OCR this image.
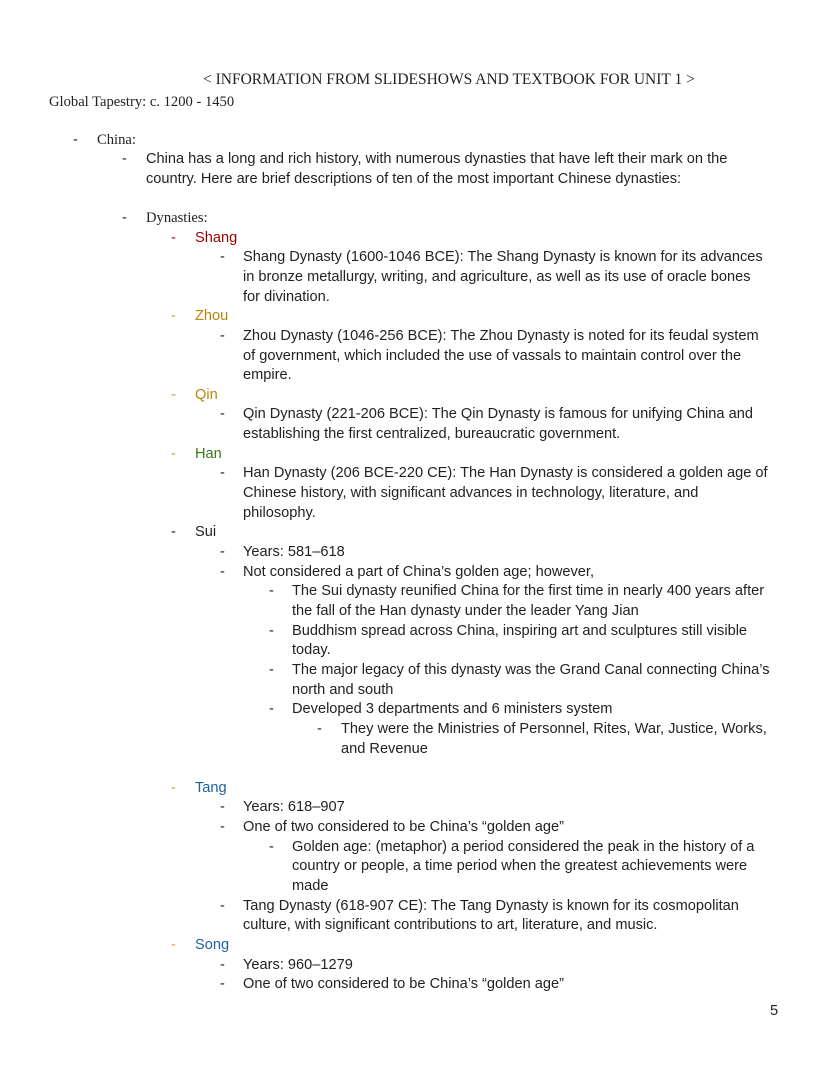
< INFORMATION FROM SLIDESHOWS AND TEXTBOOK FOR UNIT 1 >
Global Tapestry: c. 1200 - 1450
- China:
- China has a long and rich history, with numerous dynasties that have left their mark on the
country. Here are brief descriptions of ten of the most important Chinese dynasties:
- Dynasties:
- Shang
- Shang Dynasty (1600-1046 BCE): The Shang Dynasty is known for its advances
in bronze metallurgy, writing, and agriculture, as well as its use of oracle bones
for divination.
- Zhou
- Zhou Dynasty (1046-256 BCE): The Zhou Dynasty is noted for its feudal system
of government, which included the use of vassals to maintain control over the
empire.
- Qin
- Qin Dynasty (221-206 BCE): The Qin Dynasty is famous for unifying China and
establishing the first centralized, bureaucratic government.
- Han
- Han Dynasty (206 BCE-220 CE): The Han Dynasty is considered a golden age of
Chinese history, with significant advances in technology, literature, and
philosophy.
- Sui
- Years: 581–618
- Not considered a part of China’s golden age; however,
- The Sui dynasty reunified China for the first time in nearly 400 years after
the fall of the Han dynasty under the leader Yang Jian
- Buddhism spread across China, inspiring art and sculptures still visible
today.
- The major legacy of this dynasty was the Grand Canal connecting China’s
north and south
- Developed 3 departments and 6 ministers system
- They were the Ministries of Personnel, Rites, War, Justice, Works,
and Revenue
- Tang
- Years: 618–907
- One of two considered to be China’s “golden age”
- Golden age: (metaphor) a period considered the peak in the history of a
country or people, a time period when the greatest achievements were
made
- Tang Dynasty (618-907 CE): The Tang Dynasty is known for its cosmopolitan
culture, with significant contributions to art, literature, and music.
- Song
- Years: 960–1279
- One of two considered to be China’s “golden age”
5
